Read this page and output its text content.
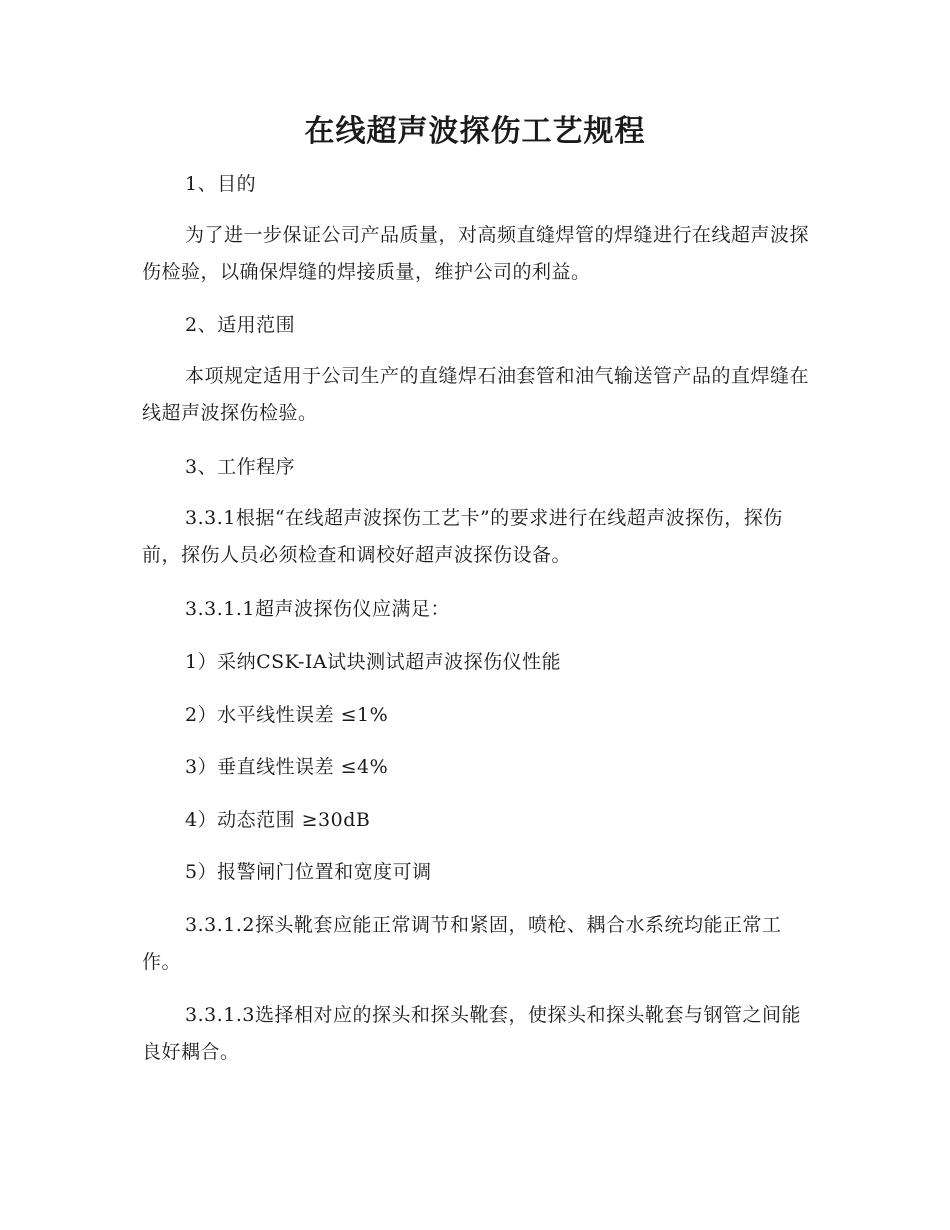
在线超声波探伤工艺规程

1、目的

为了进一步保证公司产品质量，对高频直缝焊管的焊缝进行在线超声波探伤检验，以确保焊缝的焊接质量，维护公司的利益。

2、适用范围

本项规定适用于公司生产的直缝焊石油套管和油气输送管产品的直焊缝在线超声波探伤检验。

3、工作程序

3.3.1根据“在线超声波探伤工艺卡”的要求进行在线超声波探伤，探伤前，探伤人员必须检查和调校好超声波探伤设备。

3.3.1.1超声波探伤仪应满足：

1）采纳CSK-ⅠA试块测试超声波探伤仪性能

2）水平线性误差 ≤1%

3）垂直线性误差 ≤4%

4）动态范围 ≥30dB

5）报警闸门位置和宽度可调

3.3.1.2探头靴套应能正常调节和紧固，喷枪、耦合水系统均能正常工作。

3.3.1.3选择相对应的探头和探头靴套，使探头和探头靴套与钢管之间能良好耦合。
